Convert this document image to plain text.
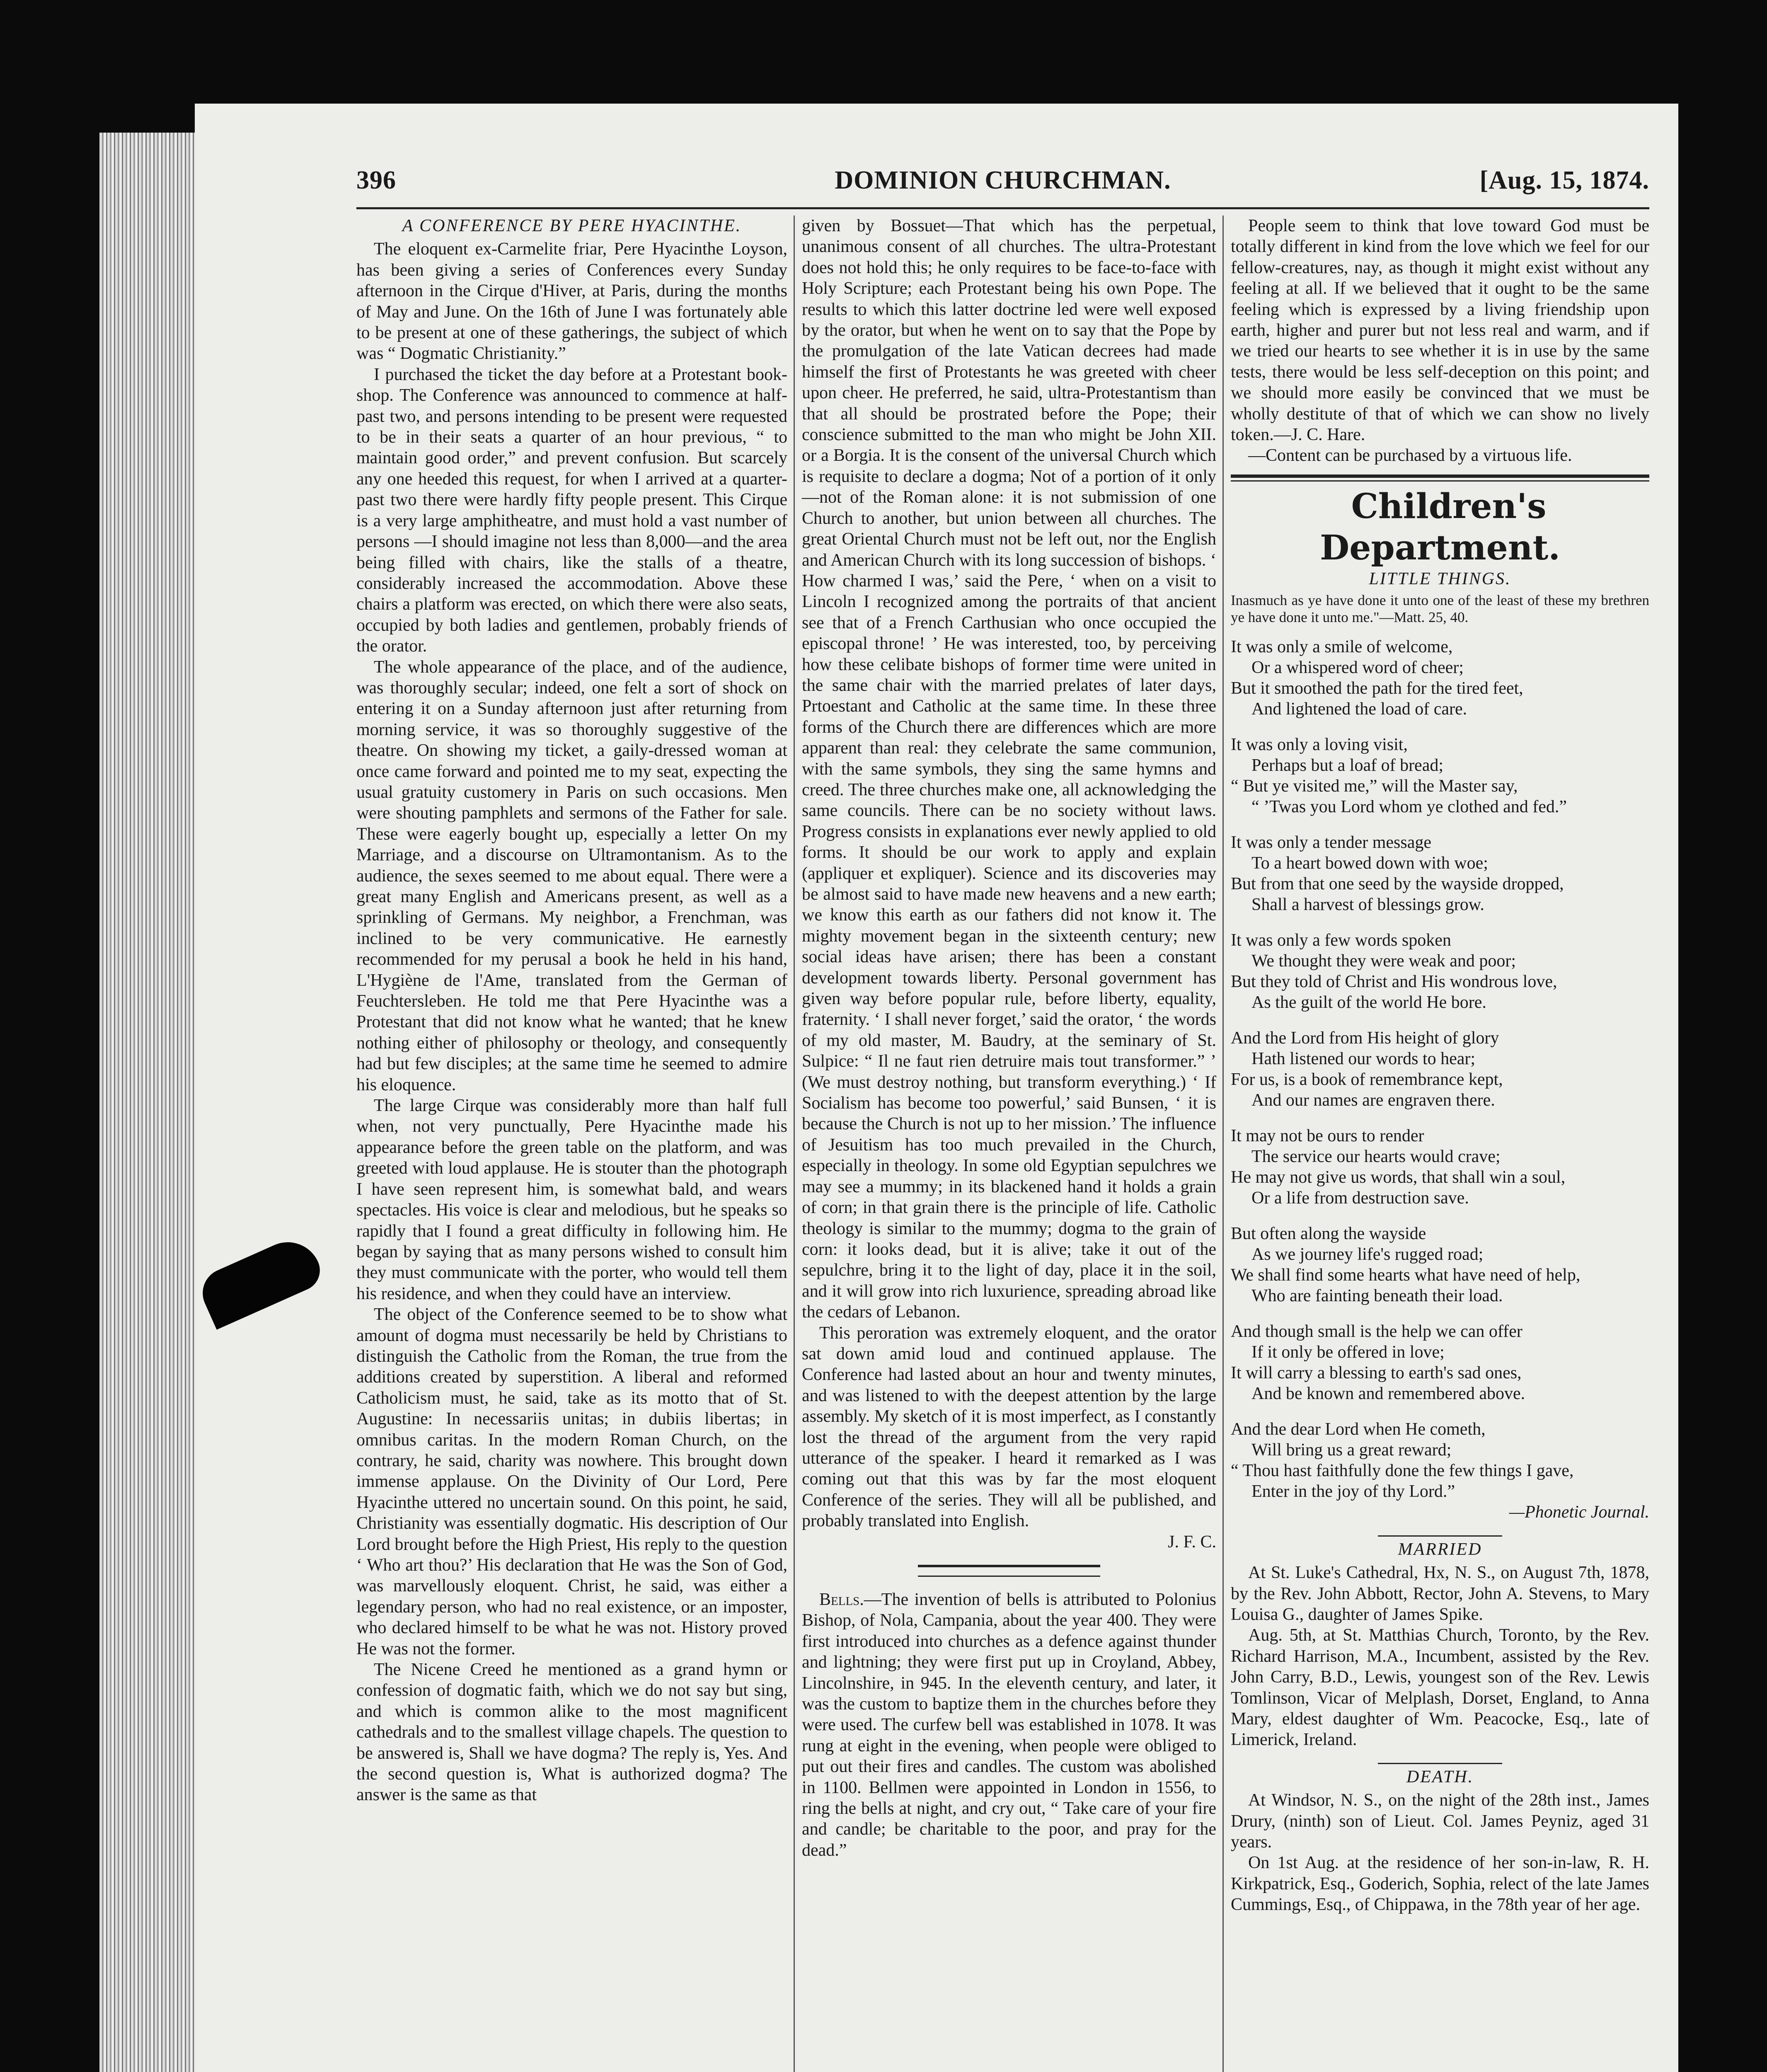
396	DOMINION CHURCHMAN.	[Aug. 15, 1874.

A CONFERENCE BY PERE HYACINTHE.

The eloquent ex-Carmelite friar, Pere Hyacinthe Loyson, has been giving a series of Conferences every Sunday afternoon in the Cirque d'Hiver, at Paris, during the months of May and June. On the 16th of June I was fortunately able to be present at one of these gatherings, the subject of which was “ Dogmatic Christianity.”

I purchased the ticket the day before at a Protestant book-shop. The Conference was announced to commence at half-past two, and persons intending to be present were requested to be in their seats a quarter of an hour previous, “ to maintain good order,” and prevent confusion. But scarcely any one heeded this request, for when I arrived at a quarter-past two there were hardly fifty people present. This Cirque is a very large amphitheatre, and must hold a vast number of persons —I should imagine not less than 8,000—and the area being filled with chairs, like the stalls of a theatre, considerably increased the accommodation. Above these chairs a platform was erected, on which there were also seats, occupied by both ladies and gentlemen, probably friends of the orator.

The whole appearance of the place, and of the audience, was thoroughly secular; indeed, one felt a sort of shock on entering it on a Sunday afternoon just after returning from morning service, it was so thoroughly suggestive of the theatre. On showing my ticket, a gaily-dressed woman at once came forward and pointed me to my seat, expecting the usual gratuity customery in Paris on such occasions. Men were shouting pamphlets and sermons of the Father for sale. These were eagerly bought up, especially a letter On my Marriage, and a discourse on Ultramontanism. As to the audience, the sexes seemed to me about equal. There were a great many English and Americans present, as well as a sprinkling of Germans. My neighbor, a Frenchman, was inclined to be very communicative. He earnestly recommended for my perusal a book he held in his hand, L'Hygiène de l'Ame, translated from the German of Feuchtersleben. He told me that Pere Hyacinthe was a Protestant that did not know what he wanted; that he knew nothing either of philosophy or theology, and consequently had but few disciples; at the same time he seemed to admire his eloquence.

The large Cirque was considerably more than half full when, not very punctually, Pere Hyacinthe made his appearance before the green table on the platform, and was greeted with loud applause. He is stouter than the photograph I have seen represent him, is somewhat bald, and wears spectacles. His voice is clear and melodious, but he speaks so rapidly that I found a great difficulty in following him. He began by saying that as many persons wished to consult him they must communicate with the porter, who would tell them his residence, and when they could have an interview.

The object of the Conference seemed to be to show what amount of dogma must necessarily be held by Christians to distinguish the Catholic from the Roman, the true from the additions created by superstition. A liberal and reformed Catholicism must, he said, take as its motto that of St. Augustine: In necessariis unitas; in dubiis libertas; in omnibus caritas. In the modern Roman Church, on the contrary, he said, charity was nowhere. This brought down immense applause. On the Divinity of Our Lord, Pere Hyacinthe uttered no uncertain sound. On this point, he said, Christianity was essentially dogmatic. His description of Our Lord brought before the High Priest, His reply to the question ‘ Who art thou?’ His declaration that He was the Son of God, was marvellously eloquent. Christ, he said, was either a legendary person, who had no real existence, or an imposter, who declared himself to be what he was not. History proved He was not the former.

The Nicene Creed he mentioned as a grand hymn or confession of dogmatic faith, which we do not say but sing, and which is common alike to the most magnificent cathedrals and to the smallest village chapels. The question to be answered is, Shall we have dogma? The reply is, Yes. And the second question is, What is authorized dogma? The answer is the same as that

given by Bossuet—That which has the perpetual, unanimous consent of all churches. The ultra-Protestant does not hold this; he only requires to be face-to-face with Holy Scripture; each Protestant being his own Pope. The results to which this latter doctrine led were well exposed by the orator, but when he went on to say that the Pope by the promulgation of the late Vatican decrees had made himself the first of Protestants he was greeted with cheer upon cheer. He preferred, he said, ultra-Protestantism than that all should be prostrated before the Pope; their conscience submitted to the man who might be John XII. or a Borgia. It is the consent of the universal Church which is requisite to declare a dogma; Not of a portion of it only—not of the Roman alone: it is not submission of one Church to another, but union between all churches. The great Oriental Church must not be left out, nor the English and American Church with its long succession of bishops. ‘ How charmed I was,’ said the Pere, ‘ when on a visit to Lincoln I recognized among the portraits of that ancient see that of a French Carthusian who once occupied the episcopal throne! ’ He was interested, too, by perceiving how these celibate bishops of former time were united in the same chair with the married prelates of later days, Prtoestant and Catholic at the same time. In these three forms of the Church there are differences which are more apparent than real: they celebrate the same communion, with the same symbols, they sing the same hymns and creed. The three churches make one, all acknowledging the same councils. There can be no society without laws. Progress consists in explanations ever newly applied to old forms. It should be our work to apply and explain (appliquer et expliquer). Science and its discoveries may be almost said to have made new heavens and a new earth; we know this earth as our fathers did not know it. The mighty movement began in the sixteenth century; new social ideas have arisen; there has been a constant development towards liberty. Personal government has given way before popular rule, before liberty, equality, fraternity. ‘ I shall never forget,’ said the orator, ‘ the words of my old master, M. Baudry, at the seminary of St. Sulpice: “ Il ne faut rien detruire mais tout transformer.” ’ (We must destroy nothing, but transform everything.) ‘ If Socialism has become too powerful,’ said Bunsen, ‘ it is because the Church is not up to her mission.’ The influence of Jesuitism has too much prevailed in the Church, especially in theology. In some old Egyptian sepulchres we may see a mummy; in its blackened hand it holds a grain of corn; in that grain there is the principle of life. Catholic theology is similar to the mummy; dogma to the grain of corn: it looks dead, but it is alive; take it out of the sepulchre, bring it to the light of day, place it in the soil, and it will grow into rich luxurience, spreading abroad like the cedars of Lebanon.

This peroration was extremely eloquent, and the orator sat down amid loud and continued applause. The Conference had lasted about an hour and twenty minutes, and was listened to with the deepest attention by the large assembly. My sketch of it is most imperfect, as I constantly lost the thread of the argument from the very rapid utterance of the speaker. I heard it remarked as I was coming out that this was by far the most eloquent Conference of the series. They will all be published, and probably translated into English.

J. F. C.

Bells.—The invention of bells is attributed to Polonius Bishop, of Nola, Campania, about the year 400. They were first introduced into churches as a defence against thunder and lightning; they were first put up in Croyland, Abbey, Lincolnshire, in 945. In the eleventh century, and later, it was the custom to baptize them in the churches before they were used. The curfew bell was established in 1078. It was rung at eight in the evening, when people were obliged to put out their fires and candles. The custom was abolished in 1100. Bellmen were appointed in London in 1556, to ring the bells at night, and cry out, “ Take care of your fire and candle; be charitable to the poor, and pray for the dead.”

People seem to think that love toward God must be totally different in kind from the love which we feel for our fellow-creatures, nay, as though it might exist without any feeling at all. If we believed that it ought to be the same feeling which is expressed by a living friendship upon earth, higher and purer but not less real and warm, and if we tried our hearts to see whether it is in use by the same tests, there would be less self-deception on this point; and we should more easily be convinced that we must be wholly destitute of that of which we can show no lively token.—J. C. Hare.

—Content can be purchased by a virtuous life.

Children's Department.

LITTLE THINGS.

Inasmuch as ye have done it unto one of the least of these my brethren ye have done it unto me."—Matt. 25, 40.

It was only a smile of welcome,
Or a whispered word of cheer;
But it smoothed the path for the tired feet,
And lightened the load of care.
It was only a loving visit,
Perhaps but a loaf of bread;
“ But ye visited me,” will the Master say,
“ ’Twas you Lord whom ye clothed and fed.”
It was only a tender message
To a heart bowed down with woe;
But from that one seed by the wayside dropped,
Shall a harvest of blessings grow.
It was only a few words spoken
We thought they were weak and poor;
But they told of Christ and His wondrous love,
As the guilt of the world He bore.
And the Lord from His height of glory
Hath listened our words to hear;
For us, is a book of remembrance kept,
And our names are engraven there.
It may not be ours to render
The service our hearts would crave;
He may not give us words, that shall win a soul,
Or a life from destruction save.
But often along the wayside
As we journey life's rugged road;
We shall find some hearts what have need of help,
Who are fainting beneath their load.
And though small is the help we can offer
If it only be offered in love;
It will carry a blessing to earth's sad ones,
And be known and remembered above.
And the dear Lord when He cometh,
Will bring us a great reward;
“ Thou hast faithfully done the few things I gave,
Enter in the joy of thy Lord.”

—Phonetic Journal.

MARRIED

At St. Luke's Cathedral, Hx, N. S., on August 7th, 1878, by the Rev. John Abbott, Rector, John A. Stevens, to Mary Louisa G., daughter of James Spike.

Aug. 5th, at St. Matthias Church, Toronto, by the Rev. Richard Harrison, M.A., Incumbent, assisted by the Rev. John Carry, B.D., Lewis, youngest son of the Rev. Lewis Tomlinson, Vicar of Melplash, Dorset, England, to Anna Mary, eldest daughter of Wm. Peacocke, Esq., late of Limerick, Ireland.

DEATH.

At Windsor, N. S., on the night of the 28th inst., James Drury, (ninth) son of Lieut. Col. James Peyniz, aged 31 years.

On 1st Aug. at the residence of her son-in-law, R. H. Kirkpatrick, Esq., Goderich, Sophia, relect of the late James Cummings, Esq., of Chippawa, in the 78th year of her age.
